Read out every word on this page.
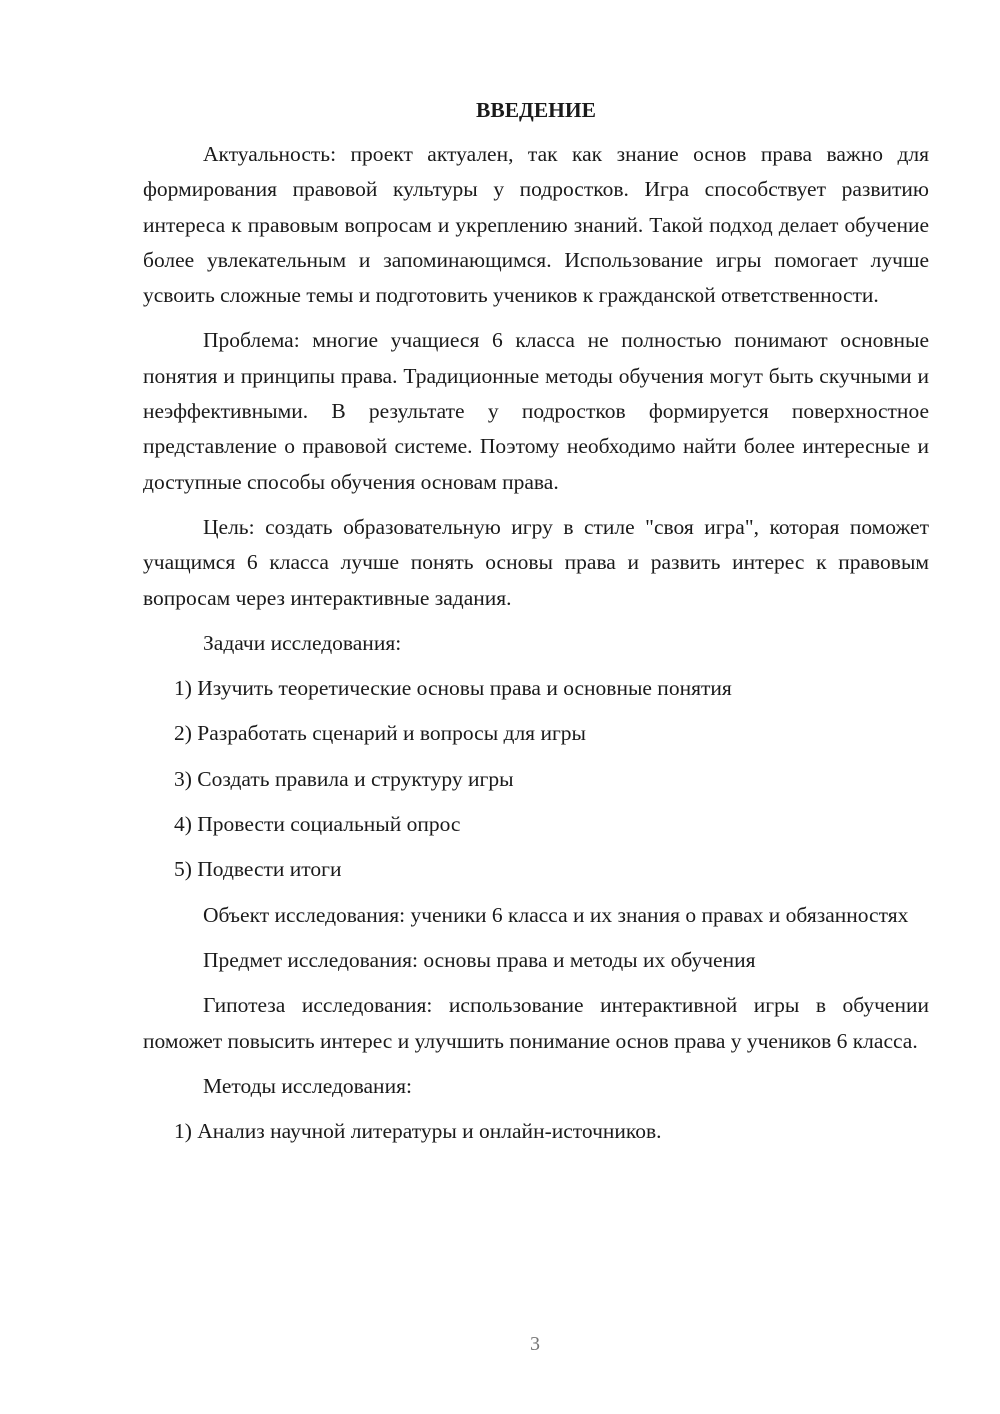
ВВЕДЕНИЕ

Актуальность: проект актуален, так как знание основ права важно для формирования правовой культуры у подростков. Игра способствует развитию интереса к правовым вопросам и укреплению знаний. Такой подход делает обучение более увлекательным и запоминающимся. Использование игры помогает лучше усвоить сложные темы и подготовить учеников к гражданской ответственности.

Проблема: многие учащиеся 6 класса не полностью понимают основные понятия и принципы права. Традиционные методы обучения могут быть скучными и неэффективными. В результате у подростков формируется поверхностное представление о правовой системе. Поэтому необходимо найти более интересные и доступные способы обучения основам права.

Цель: создать образовательную игру в стиле "своя игра", которая поможет учащимся 6 класса лучше понять основы права и развить интерес к правовым вопросам через интерактивные задания.

Задачи исследования:
1) Изучить теоретические основы права и основные понятия
2) Разработать сценарий и вопросы для игры
3) Создать правила и структуру игры
4) Провести социальный опрос
5) Подвести итоги

Объект исследования: ученики 6 класса и их знания о правах и обязанностях

Предмет исследования: основы права и методы их обучения

Гипотеза исследования: использование интерактивной игры в обучении поможет повысить интерес и улучшить понимание основ права у учеников 6 класса.

Методы исследования:
1) Анализ научной литературы и онлайн-источников.
3
